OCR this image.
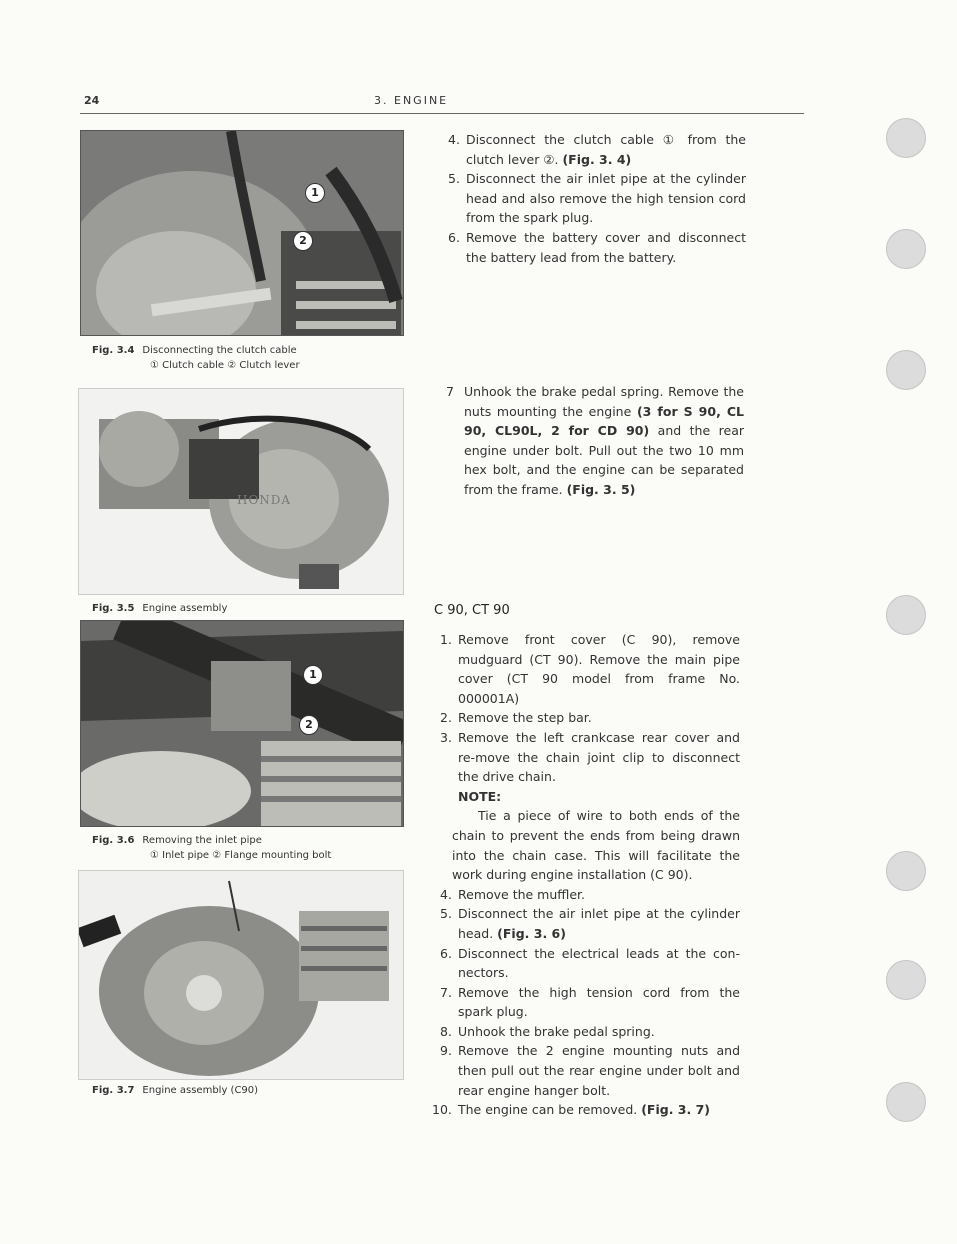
24	3. ENGINE
1
2
Fig. 3.4 Disconnecting the clutch cable
① Clutch cable ② Clutch lever
HONDA
Fig. 3.5 Engine assembly
1
2
Fig. 3.6 Removing the inlet pipe
① Inlet pipe ② Flange mounting bolt
Fig. 3.7 Engine assembly (C90)
4. Disconnect the clutch cable ① from the clutch lever ②. (Fig. 3. 4)
5. Disconnect the air inlet pipe at the cylinder head and also remove the high tension cord from the spark plug.
6. Remove the battery cover and disconnect the battery lead from the battery.
7 Unhook the brake pedal spring. Remove the nuts mounting the engine (3 for S 90, CL 90, CL90L, 2 for CD 90) and the rear engine under bolt. Pull out the two 10 mm hex bolt, and the engine can be separated from the frame. (Fig. 3. 5)
C 90, CT 90
1. Remove front cover (C 90), remove mudguard (CT 90). Remove the main pipe cover (CT 90 model from frame No. 000001A)
2. Remove the step bar.
3. Remove the left crankcase rear cover and re-move the chain joint clip to disconnect the drive chain.
NOTE:
Tie a piece of wire to both ends of the chain to prevent the ends from being drawn into the chain case. This will facilitate the work during engine installation (C 90).
4. Remove the muffler.
5. Disconnect the air inlet pipe at the cylinder head. (Fig. 3. 6)
6. Disconnect the electrical leads at the con-nectors.
7. Remove the high tension cord from the spark plug.
8. Unhook the brake pedal spring.
9. Remove the 2 engine mounting nuts and then pull out the rear engine under bolt and rear engine hanger bolt.
10. The engine can be removed. (Fig. 3. 7)
